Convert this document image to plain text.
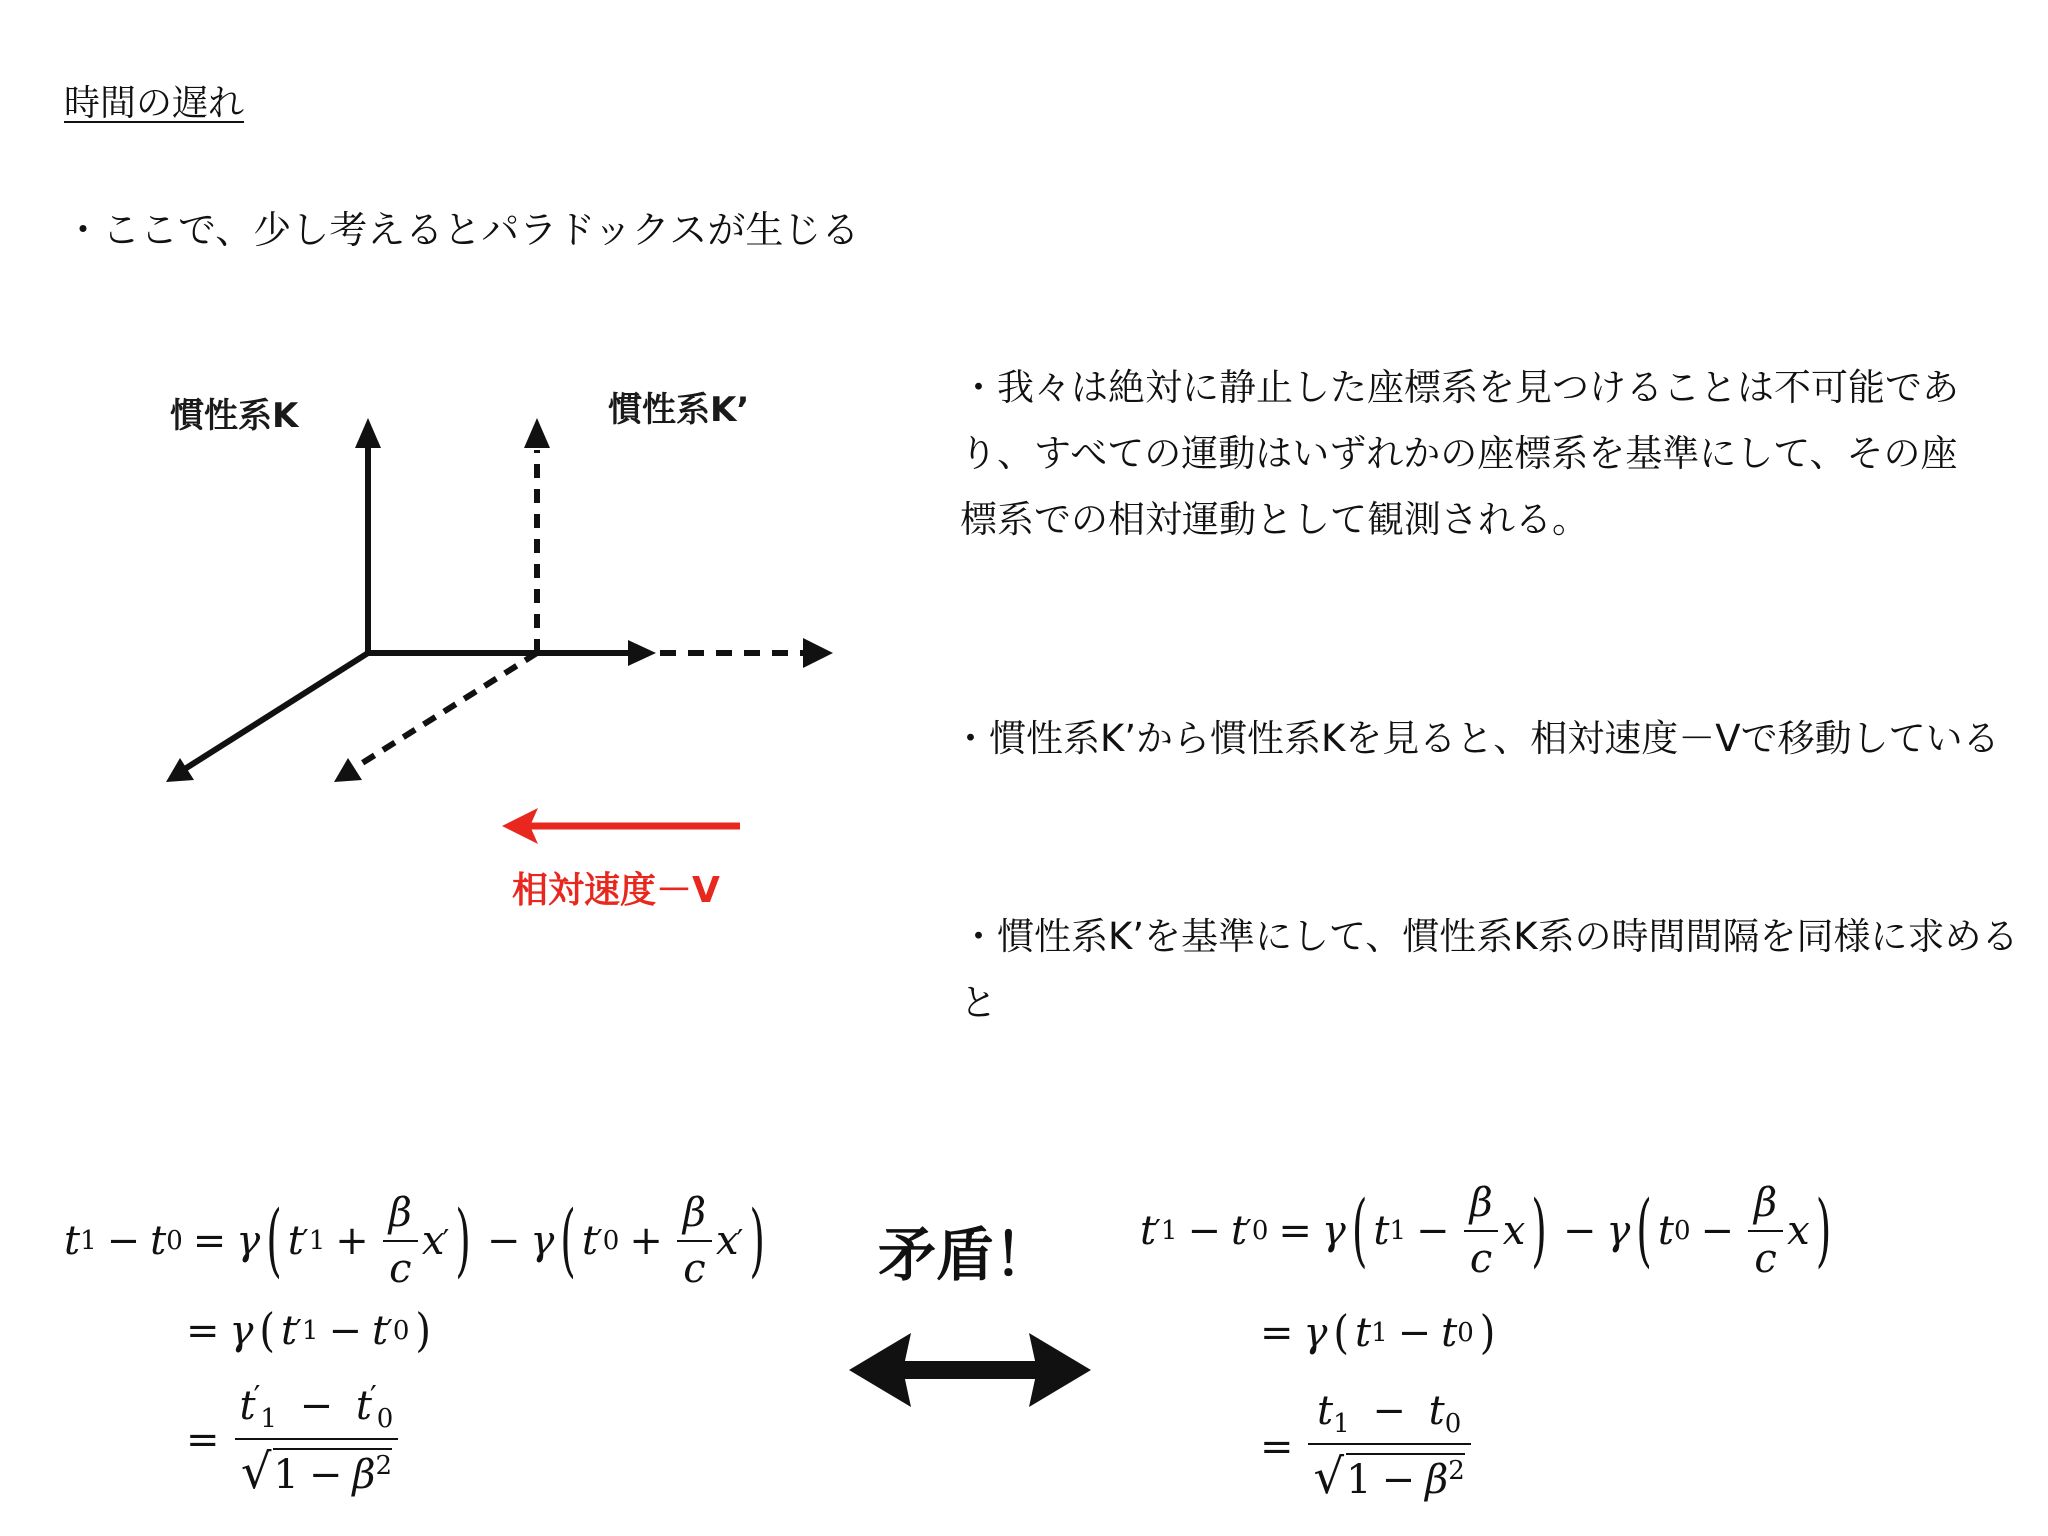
時間の遅れ
・ここで、少し考えるとパラドックスが生じる
慣性系K	慣性系K’
相対速度－V
・我々は絶対に静止した座標系を見つけることは不可能であり、すべての運動はいずれかの座標系を基準にして、その座標系での相対運動として観測される。
・慣性系K’から慣性系Kを見ると、相対速度－Vで移動している
・慣性系K’を基準にして、慣性系K系の時間間隔を同様に求めると
t 1 − t 0 = γ ( t
′ $1 + \frac{\beta}{c}$ x
′ ) − γ ( t
′ $0 + \frac{\beta}{c}$ x
′ )
= γ ( t
′ 1 − t
′ 0 )
= $\frac{t'_1 - t'_0}{√1 - \beta^2}$
矛盾！ t
′ 1 − t
′ 0 = γ ( t $1 - \frac{\beta}{c}$ x ) − γ ( t $0 - \frac{\beta}{c}$ x )
= γ ( t 1 − t 0 )
= $\frac{t_1 - t_0}{√1 - \beta^2}$
